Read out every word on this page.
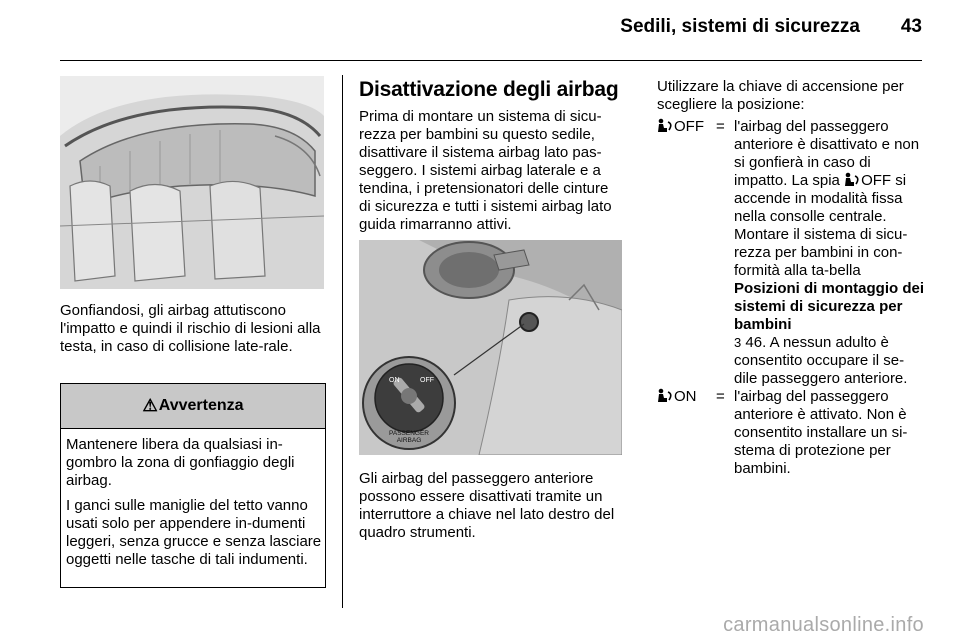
Sedili, sistemi di sicurezza 43
Gonfiandosi, gli airbag attutiscono l'impatto e quindi il rischio di lesioni alla testa, in caso di collisione late-rale.
⚠ Avvertenza

Mantenere libera da qualsiasi in-gombro la zona di gonfiaggio degli airbag.

I ganci sulle maniglie del tetto vanno usati solo per appendere in-dumenti leggeri, senza grucce e senza lasciare oggetti nelle tasche di tali indumenti.

Disattivazione degli airbag
Prima di montare un sistema di sicu-rezza per bambini su questo sedile, disattivare il sistema airbag lato pas-seggero. I sistemi airbag laterale e a tendina, i pretensionatori delle cinture di sicurezza e tutti i sistemi airbag lato guida rimarranno attivi.
ON	OFF
PASSENGER
AIRBAG
Gli airbag del passeggero anteriore possono essere disattivati tramite un interruttore a chiave nel lato destro del quadro strumenti.
Utilizzare la chiave di accensione per scegliere la posizione:
OFF = l'airbag del passeggero anteriore è disattivato e non si gonfierà in caso di impatto. La spia OFF si accende in modalità fissa nella consolle centrale. Montare il sistema di sicu-rezza per bambini in con-formità alla ta-bella Posizioni di montaggio dei sistemi di sicurezza per bambini
3 46. A nessun adulto è consentito occupare il se-dile passeggero anteriore.
ON = l'airbag del passeggero anteriore è attivato. Non è consentito installare un si-stema di protezione per bambini.
carmanualsonline.info
